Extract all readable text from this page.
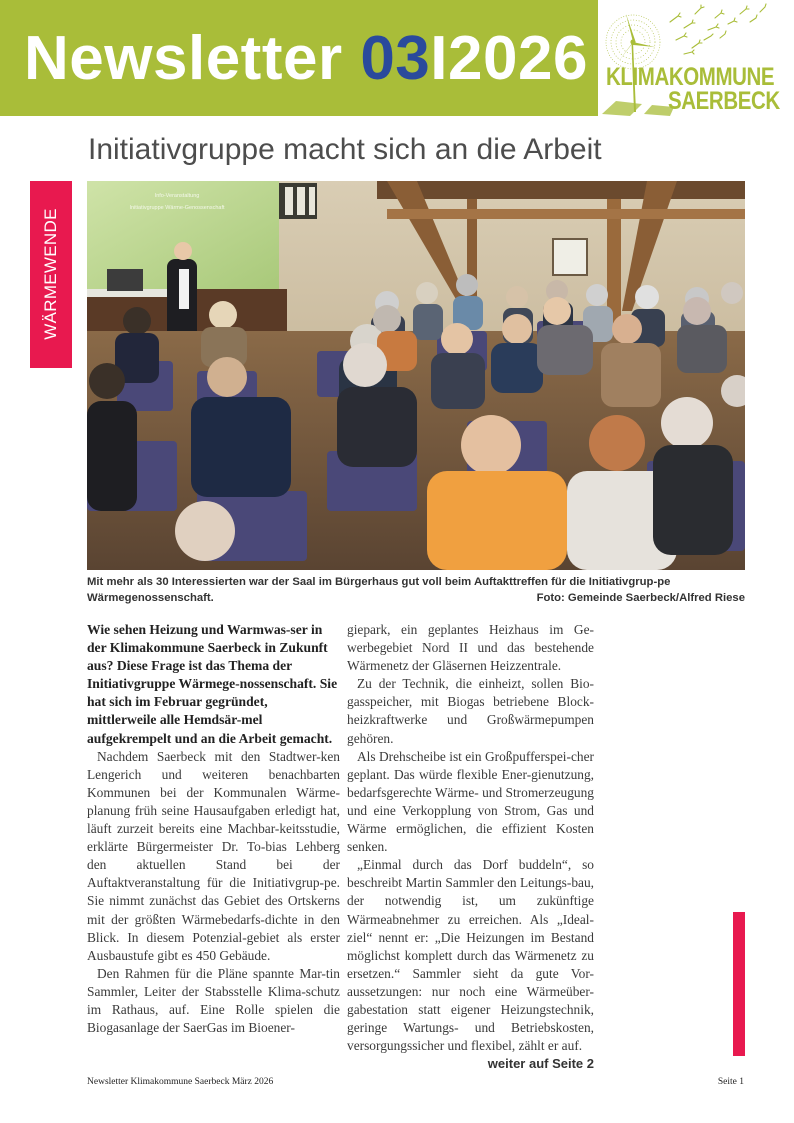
Newsletter 03I2026 KLIMAKOMMUNE
SAERBECK
Initiativgruppe macht sich an die Arbeit
WÄRMEWENDE
Info-Veranstaltung
Initiativgruppe Wärme-Genossenschaft
Mit mehr als 30 Interessierten war der Saal im Bürgerhaus gut voll beim Auftakttreffen für die Initiativgrup-pe Wärmegenossenschaft.	Foto: Gemeinde Saerbeck/Alfred Riese

Wie sehen Heizung und Warmwas-ser in der Klimakommune Saerbeck in Zukunft aus? Diese Frage ist das Thema der Initiativgruppe Wärmege-nossenschaft. Sie hat sich im Februar gegründet, mittlerweile alle Hemdsär-mel aufgekrempelt und an die Arbeit gemacht.

Nachdem Saerbeck mit den Stadtwer-ken Lengerich und weiteren benachbarten Kommunen bei der Kommunalen Wärme-planung früh seine Hausaufgaben erledigt hat, läuft zurzeit bereits eine Machbar-keitsstudie, erklärte Bürgermeister Dr. To-bias Lehberg den aktuellen Stand bei der Auftaktveranstaltung für die Initiativgrup-pe. Sie nimmt zunächst das Gebiet des Ortskerns mit der größten Wärmebedarfs-dichte in den Blick. In diesem Potenzial-gebiet als erster Ausbaustufe gibt es 450 Gebäude.

Den Rahmen für die Pläne spannte Mar-tin Sammler, Leiter der Stabsstelle Klima-schutz im Rathaus, auf. Eine Rolle spielen die Biogasanlage der SaerGas im Bioener-

giepark, ein geplantes Heizhaus im Ge-werbegebiet Nord II und das bestehende Wärmenetz der Gläsernen Heizzentrale.

Zu der Technik, die einheizt, sollen Bio-gasspeicher, mit Biogas betriebene Block-heizkraftwerke und Großwärmepumpen gehören.

Als Drehscheibe ist ein Großpufferspei-cher geplant. Das würde flexible Ener-gienutzung, bedarfsgerechte Wärme- und Stromerzeugung und eine Verkopplung von Strom, Gas und Wärme ermöglichen, die effizient Kosten senken.

„Einmal durch das Dorf buddeln“, so beschreibt Martin Sammler den Leitungs-bau, der notwendig ist, um zukünftige Wärmeabnehmer zu erreichen. Als „Ideal-ziel“ nennt er: „Die Heizungen im Bestand möglichst komplett durch das Wärmenetz zu ersetzen.“ Sammler sieht da gute Vor-aussetzungen: nur noch eine Wärmeüber-gabestation statt eigener Heizungstechnik, geringe Wartungs- und Betriebskosten, versorgungssicher und flexibel, zählt er auf.

weiter auf Seite 2
Newsletter Klimakommune Saerbeck März 2026	Seite 1
